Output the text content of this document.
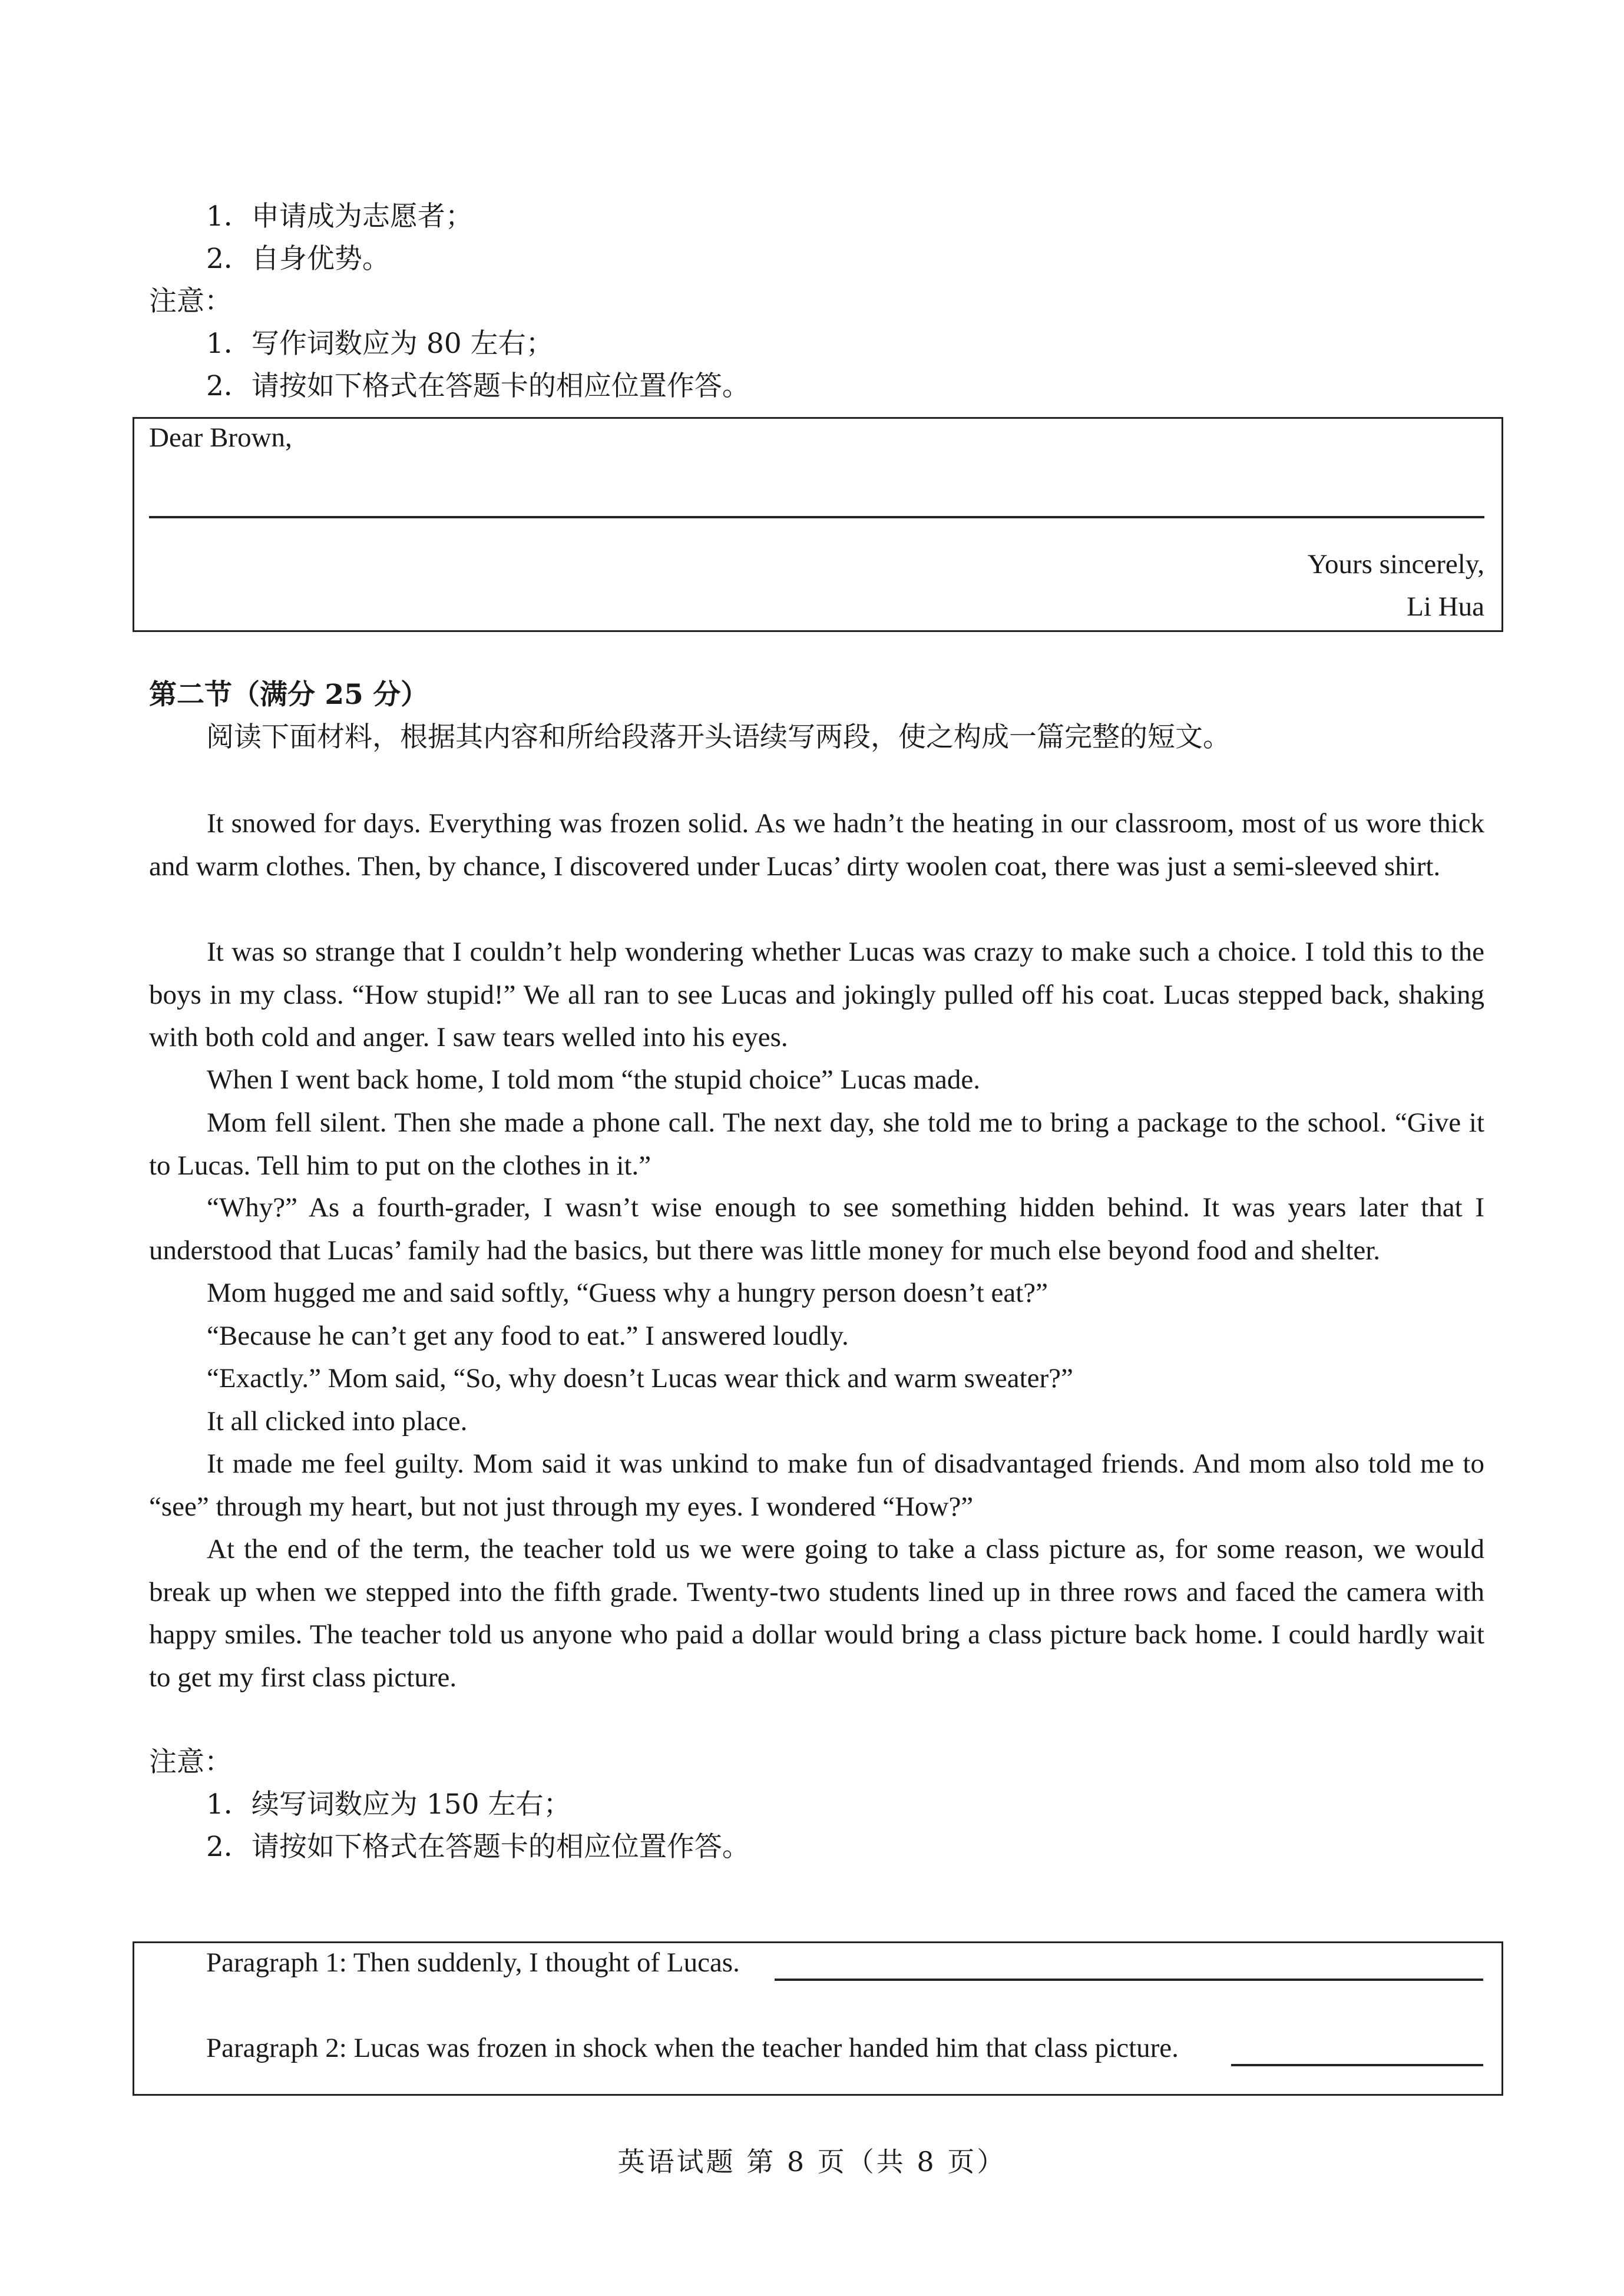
1．申请成为志愿者；
2．自身优势。
注意：
1．写作词数应为 80 左右；
2．请按如下格式在答题卡的相应位置作答。
Dear Brown,
Yours sincerely,
Li Hua
第二节（满分 25 分）
阅读下面材料，根据其内容和所给段落开头语续写两段，使之构成一篇完整的短文。

It snowed for days. Everything was frozen solid. As we hadn’t the heating in our classroom, most of us wore thick and warm clothes. Then, by chance, I discovered under Lucas’ dirty woolen coat, there was just a semi-sleeved shirt.

It was so strange that I couldn’t help wondering whether Lucas was crazy to make such a choice. I told this to the boys in my class. “How stupid!” We all ran to see Lucas and jokingly pulled off his coat. Lucas stepped back, shaking with both cold and anger. I saw tears welled into his eyes.

When I went back home, I told mom “the stupid choice” Lucas made.

Mom fell silent. Then she made a phone call. The next day, she told me to bring a package to the school. “Give it to Lucas. Tell him to put on the clothes in it.”

“Why?” As a fourth-grader, I wasn’t wise enough to see something hidden behind. It was years later that I understood that Lucas’ family had the basics, but there was little money for much else beyond food and shelter.

Mom hugged me and said softly, “Guess why a hungry person doesn’t eat?”

“Because he can’t get any food to eat.” I answered loudly.

“Exactly.” Mom said, “So, why doesn’t Lucas wear thick and warm sweater?”

It all clicked into place.

It made me feel guilty. Mom said it was unkind to make fun of disadvantaged friends. And mom also told me to “see” through my heart, but not just through my eyes. I wondered “How?”

At the end of the term, the teacher told us we were going to take a class picture as, for some reason, we would break up when we stepped into the fifth grade. Twenty-two students lined up in three rows and faced the camera with happy smiles. The teacher told us anyone who paid a dollar would bring a class picture back home. I could hardly wait to get my first class picture.

注意：
1．续写词数应为 150 左右；
2．请按如下格式在答题卡的相应位置作答。
Paragraph 1: Then suddenly, I thought of Lucas.
Paragraph 2: Lucas was frozen in shock when the teacher handed him that class picture.
英语试题 第 8 页（共 8 页）
